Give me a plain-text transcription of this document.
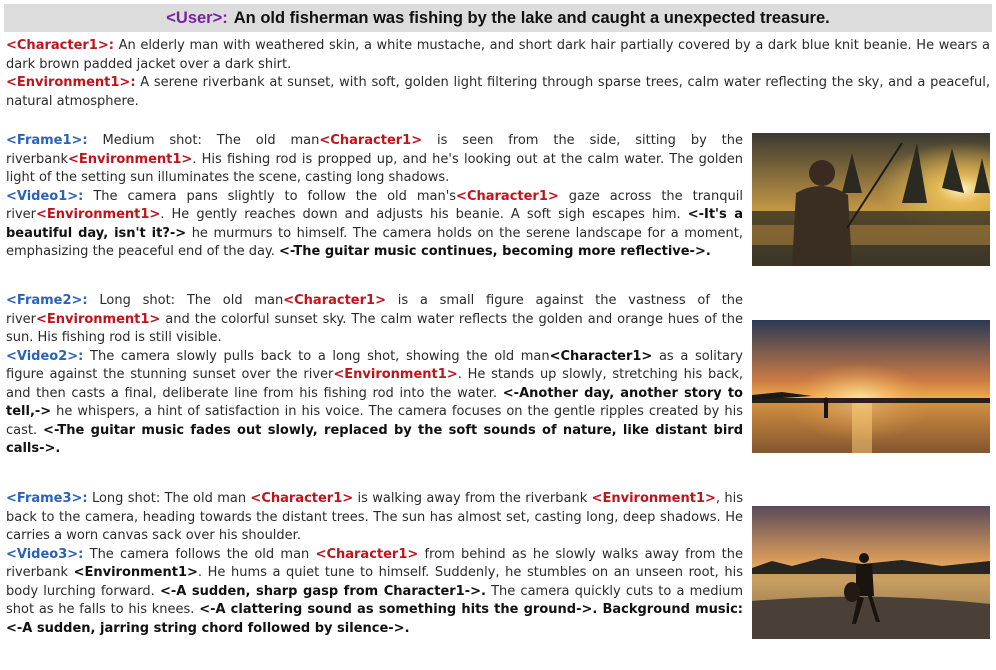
<User>: An old fisherman was fishing by the lake and caught a unexpected treasure.
<Character1>: An elderly man with weathered skin, a white mustache, and short dark hair partially covered by a dark blue knit beanie. He wears a dark brown padded jacket over a dark shirt.
<Environment1>: A serene riverbank at sunset, with soft, golden light filtering through sparse trees, calm water reflecting the sky, and a peaceful, natural atmosphere.
<Frame1>: Medium shot: The old man<Character1> is seen from the side, sitting by the riverbank<Environment1>. His fishing rod is propped up, and he's looking out at the calm water. The golden light of the setting sun illuminates the scene, casting long shadows.
<Video1>: The camera pans slightly to follow the old man's<Character1> gaze across the tranquil river<Environment1>. He gently reaches down and adjusts his beanie. A soft sigh escapes him. <-It's a beautiful day, isn't it?-> he murmurs to himself. The camera holds on the serene landscape for a moment, emphasizing the peaceful end of the day. <-The guitar music continues, becoming more reflective->.
<Frame2>: Long shot: The old man<Character1> is a small figure against the vastness of the river<Environment1> and the colorful sunset sky. The calm water reflects the golden and orange hues of the sun. His fishing rod is still visible.
<Video2>: The camera slowly pulls back to a long shot, showing the old man<Character1> as a solitary figure against the stunning sunset over the river<Environment1>. He stands up slowly, stretching his back, and then casts a final, deliberate line from his fishing rod into the water. <-Another day, another story to tell,-> he whispers, a hint of satisfaction in his voice. The camera focuses on the gentle ripples created by his cast. <-The guitar music fades out slowly, replaced by the soft sounds of nature, like distant bird calls->.
<Frame3>: Long shot: The old man <Character1> is walking away from the riverbank <Environment1>, his back to the camera, heading towards the distant trees. The sun has almost set, casting long, deep shadows. He carries a worn canvas sack over his shoulder.
<Video3>: The camera follows the old man <Character1> from behind as he slowly walks away from the riverbank <Environment1>. He hums a quiet tune to himself. Suddenly, he stumbles on an unseen root, his body lurching forward. <-A sudden, sharp gasp from Character1->. The camera quickly cuts to a medium shot as he falls to his knees. <-A clattering sound as something hits the ground->. Background music: <-A sudden, jarring string chord followed by silence->.
